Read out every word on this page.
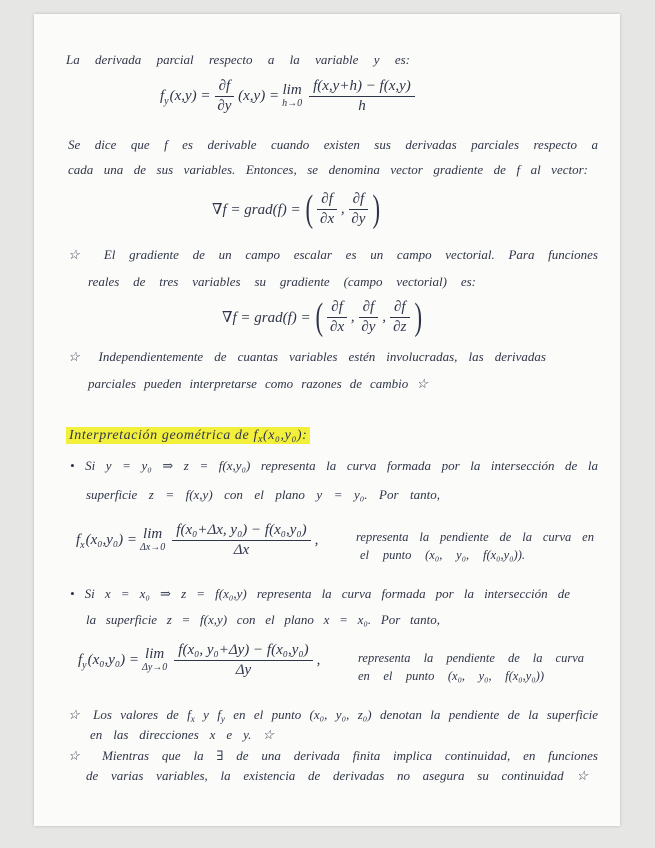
La derivada parcial respecto a la variable y es:
f y $(x,y) = \frac{\partial f}{\partial y} (x,y) = \lim$
$h\to 0 \frac{f(x,y+h) - f(x,y)}{h}$
Se dice que f es derivable cuando existen sus derivadas parciales respecto a
cada una de sus variables. Entonces, se denomina vector gradiente de f al vector:
∇f = grad(f) = ( $\frac{\partial f}{\partial x}$ , $\frac{\partial f}{\partial y}$ )
☆ El gradiente de un campo escalar es un campo vectorial. Para funciones
reales de tres variables su gradiente (campo vectorial) es:
∇f = grad(f) = ( $\frac{\partial f}{\partial x}$ , $\frac{\partial f}{\partial y}$ , $\frac{\partial f}{\partial z}$ )
☆ Independientemente de cuantas variables estén involucradas, las derivadas
parciales pueden interpretarse como razones de cambio ☆
Interpretación geométrica de $f_x(x_0,y_0)$:
• Si y = y₀ ⇒ z = f(x,y₀) representa la curva formada por la intersección de la
superficie z = f(x,y) con el plano y = y₀. Por tanto,
f x (x₀,y₀) = lim
$\Delta x\to 0 \frac{\text{f(x₀+Δx, y₀) − f(x₀,y₀)}}{\Delta x}$ ,	representa la pendiente de la curva en
el punto (x₀, y₀, f(x₀,y₀)).
• Si x = x₀ ⇒ z = f(x₀,y) representa la curva formada por la intersección de
la superficie z = f(x,y) con el plano x = x₀. Por tanto,
f y (x₀,y₀) = lim
$\Delta y\to 0 \frac{\text{f(x₀, y₀+Δy) − f(x₀,y₀)}}{\Delta y}$ ,	representa la pendiente de la curva
en el punto (x₀, y₀, f(x₀,y₀))
☆ Los valores de $f_x$ y $f_y$ en el punto (x₀, y₀, z₀) denotan la pendiente de la superficie
en las direcciones x e y. ☆
☆ Mientras que la ∃ de una derivada finita implica continuidad, en funciones
de varias variables, la existencia de derivadas no asegura su continuidad ☆
